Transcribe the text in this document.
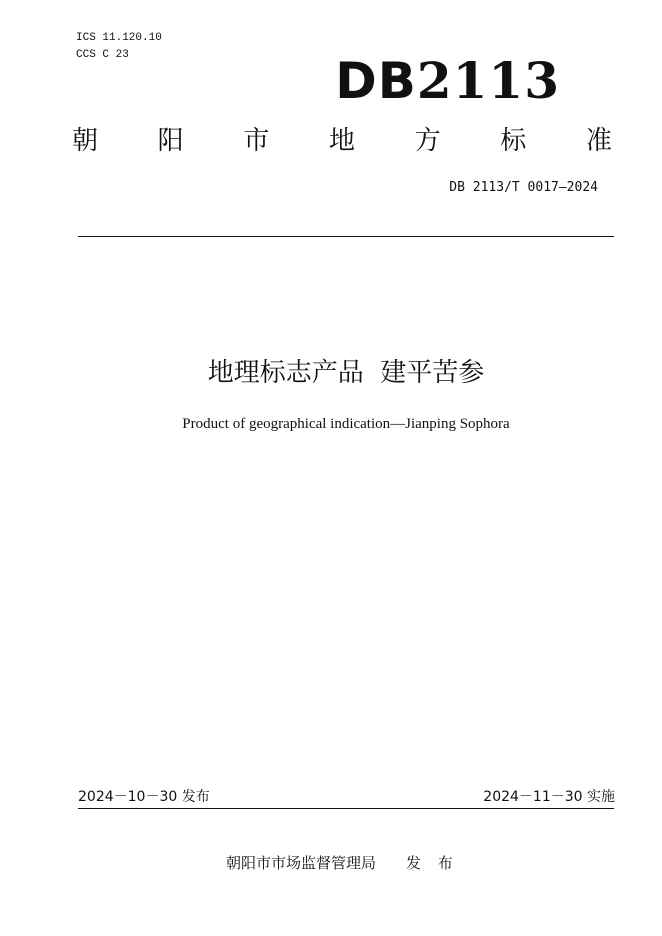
ICS 11.120.10
CCS C 23	DB2113
朝 阳 市 地 方 标 准
DB 2113/T 0017—2024
地理标志产品  建平苦参
Product of geographical indication—Jianping Sophora
2024－10－30 发布	2024－11－30 实施
朝阳市市场监督管理局 发 布
